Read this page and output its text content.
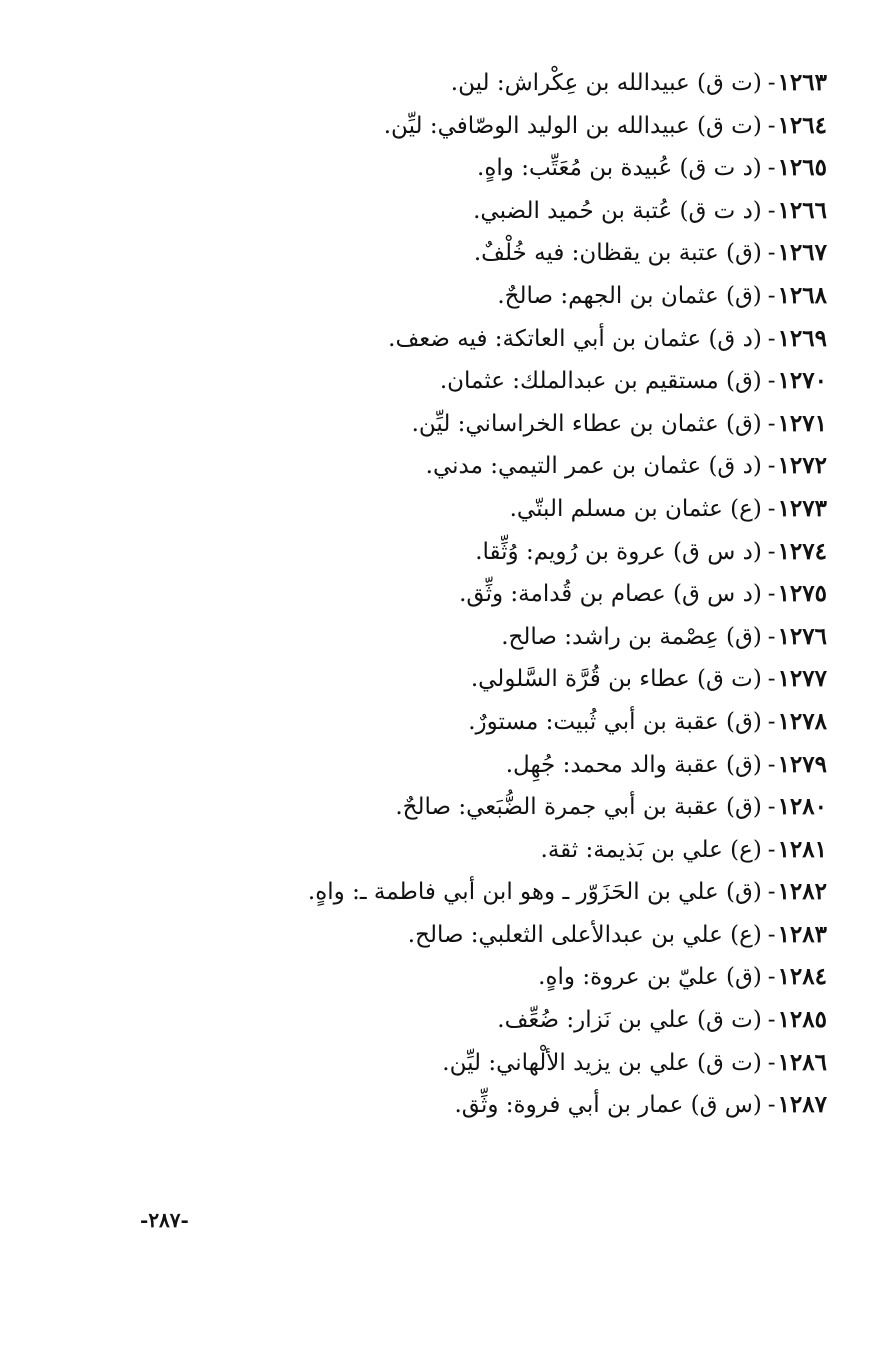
١٢٦٣-(ت ق) عبيدالله بن عِكْراش: لين.
١٢٦٤-(ت ق) عبيدالله بن الوليد الوصّافي: ليِّن.
١٢٦٥-(د ت ق) عُبيدة بن مُعَتِّب: واهٍ.
١٢٦٦-(د ت ق) عُتبة بن حُميد الضبي.
١٢٦٧-(ق) عتبة بن يقظان: فيه خُلْفٌ.
١٢٦٨-(ق) عثمان بن الجهم: صالحٌ.
١٢٦٩-(د ق) عثمان بن أبي العاتكة: فيه ضعف.
١٢٧٠-(ق) مستقيم بن عبدالملك: عثمان.
١٢٧١-(ق) عثمان بن عطاء الخراساني: ليِّن.
١٢٧٢-(د ق) عثمان بن عمر التيمي: مدني.
١٢٧٣-(ع) عثمان بن مسلم البتّي.
١٢٧٤-(د س ق) عروة بن رُويم: وُثِّقا.
١٢٧٥-(د س ق) عصام بن قُدامة: وثِّق.
١٢٧٦-(ق) عِصْمة بن راشد: صالح.
١٢٧٧-(ت ق) عطاء بن قُرَّة السَّلولي.
١٢٧٨-(ق) عقبة بن أبي ثُبيت: مستورٌ.
١٢٧٩-(ق) عقبة والد محمد: جُهِل.
١٢٨٠-(ق) عقبة بن أبي جمرة الضُّبَعي: صالحٌ.
١٢٨١-(ع) علي بن بَذيمة: ثقة.
١٢٨٢-(ق) علي بن الحَزَوّر ـ وهو ابن أبي فاطمة ـ: واهٍ.
١٢٨٣-(ع) علي بن عبدالأعلى الثعلبي: صالح.
١٢٨٤-(ق) عليّ بن عروة: واهٍ.
١٢٨٥-(ت ق) علي بن نَزار: ضُعِّف.
١٢٨٦-(ت ق) علي بن يزيد الألْهاني: ليِّن.
١٢٨٧-(س ق) عمار بن أبي فروة: وثِّق.
-٢٨٧-
